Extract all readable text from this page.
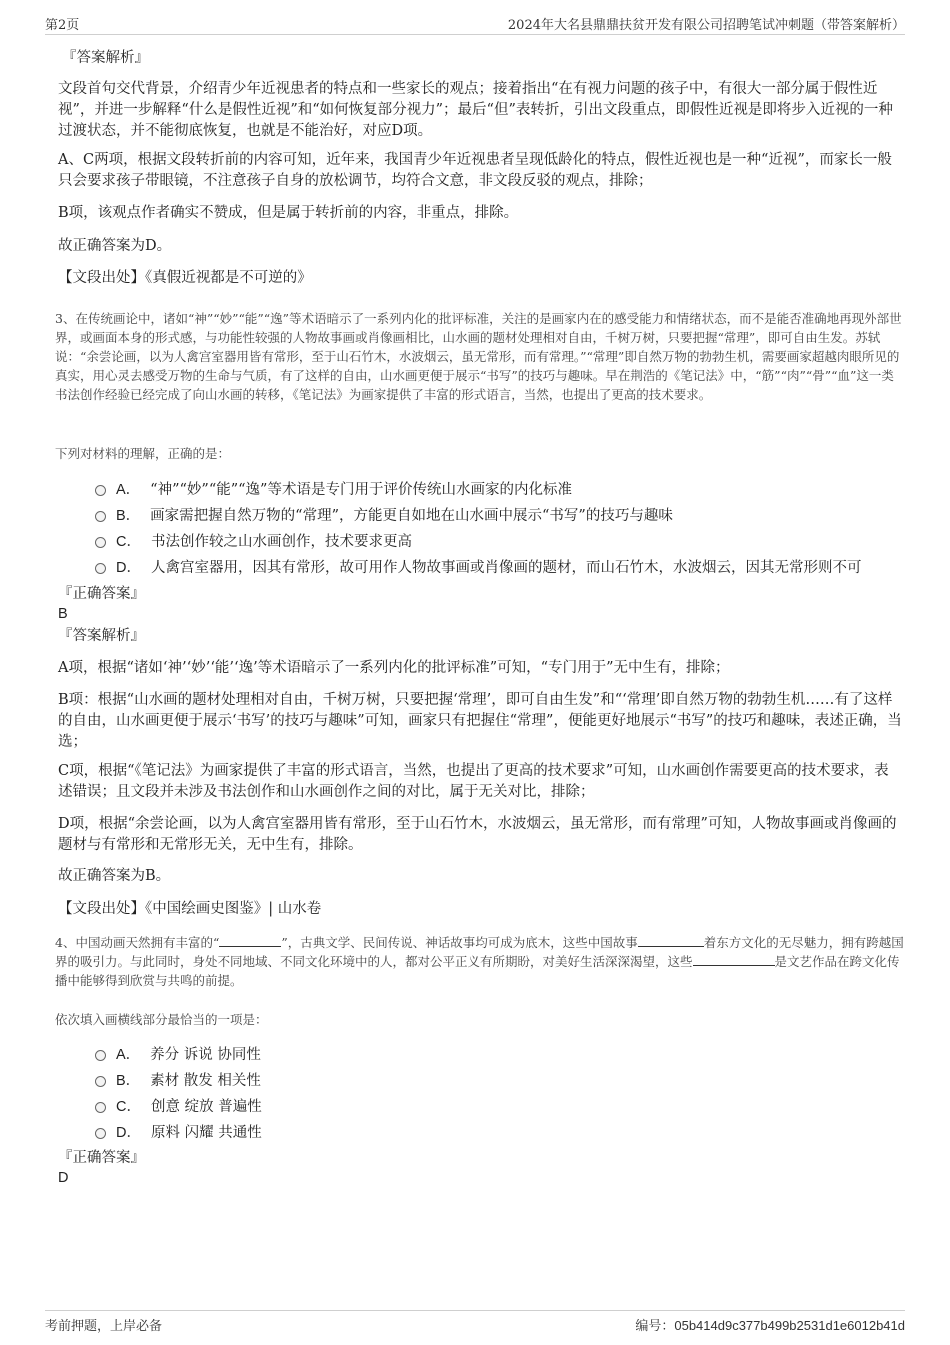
第2页	2024年大名县鼎鼎扶贫开发有限公司招聘笔试冲刺题（带答案解析）

『答案解析』

文段首句交代背景，介绍青少年近视患者的特点和一些家长的观点；接着指出“在有视力问题的孩子中，有很大一部分属于假性近视”，并进一步解释“什么是假性近视”和“如何恢复部分视力”；最后“但”表转折，引出文段重点，即假性近视是即将步入近视的一种过渡状态，并不能彻底恢复，也就是不能治好，对应D项。

A、C两项，根据文段转折前的内容可知，近年来，我国青少年近视患者呈现低龄化的特点，假性近视也是一种“近视”，而家长一般只会要求孩子带眼镜，不注意孩子自身的放松调节，均符合文意，非文段反驳的观点，排除；

B项，该观点作者确实不赞成，但是属于转折前的内容，非重点，排除。

故正确答案为D。

【文段出处】《真假近视都是不可逆的》

3、在传统画论中，诸如“神”“妙”“能”“逸”等术语暗示了一系列内化的批评标准，关注的是画家内在的感受能力和情绪状态，而不是能否准确地再现外部世界，或画面本身的形式感，与功能性较强的人物故事画或肖像画相比，山水画的题材处理相对自由，千树万树，只要把握“常理”，即可自由生发。苏轼说：“余尝论画，以为人禽宫室器用皆有常形，至于山石竹木，水波烟云，虽无常形，而有常理。”“常理”即自然万物的勃勃生机，需要画家超越肉眼所见的真实，用心灵去感受万物的生命与气质，有了这样的自由，山水画更便于展示“书写”的技巧与趣味。早在荆浩的《笔记法》中，“筋”“肉”“骨”“血”这一类书法创作经验已经完成了向山水画的转移，《笔记法》为画家提供了丰富的形式语言，当然，也提出了更高的技术要求。

下列对材料的理解，正确的是：

A． “神”“妙”“能”“逸”等术语是专门用于评价传统山水画家的内化标准
B． 画家需把握自然万物的“常理”，方能更自如地在山水画中展示“书写”的技巧与趣味
C． 书法创作较之山水画创作，技术要求更高
D． 人禽宫室器用，因其有常形，故可用作人物故事画或肖像画的题材，而山石竹木，水波烟云，因其无常形则不可

『正确答案』

B

『答案解析』

A项，根据“诸如‘神’‘妙’‘能’‘逸’等术语暗示了一系列内化的批评标准”可知，“专门用于”无中生有，排除；

B项：根据“山水画的题材处理相对自由，千树万树，只要把握‘常理’，即可自由生发”和“‘常理’即自然万物的勃勃生机……有了这样的自由，山水画更便于展示‘书写’的技巧与趣味”可知，画家只有把握住“常理”，便能更好地展示“书写”的技巧和趣味，表述正确，当选；

C项，根据“《笔记法》为画家提供了丰富的形式语言，当然，也提出了更高的技术要求”可知，山水画创作需要更高的技术要求，表述错误；且文段并未涉及书法创作和山水画创作之间的对比，属于无关对比，排除；

D项，根据“余尝论画，以为人禽宫室器用皆有常形，至于山石竹木，水波烟云，虽无常形，而有常理”可知，人物故事画或肖像画的题材与有常形和无常形无关，无中生有，排除。

故正确答案为B。

【文段出处】《中国绘画史图鉴》| 山水卷

4、中国动画天然拥有丰富的“	”，古典文学、民间传说、神话故事均可成为底木，这些中国故事	着东方文化的无尽魅力，拥有跨越国界的吸引力。与此同时，身处不同地域、不同文化环境中的人，都对公平正义有所期盼，对美好生活深深渴望，这些	是文艺作品在跨文化传播中能够得到欣赏与共鸣的前提。

依次填入画横线部分最恰当的一项是：

A． 养分 诉说 协同性
B． 素材 散发 相关性
C． 创意 绽放 普遍性
D． 原料 闪耀 共通性

『正确答案』

D

考前押题，上岸必备	编号：05b414d9c377b499b2531d1e6012b41d
